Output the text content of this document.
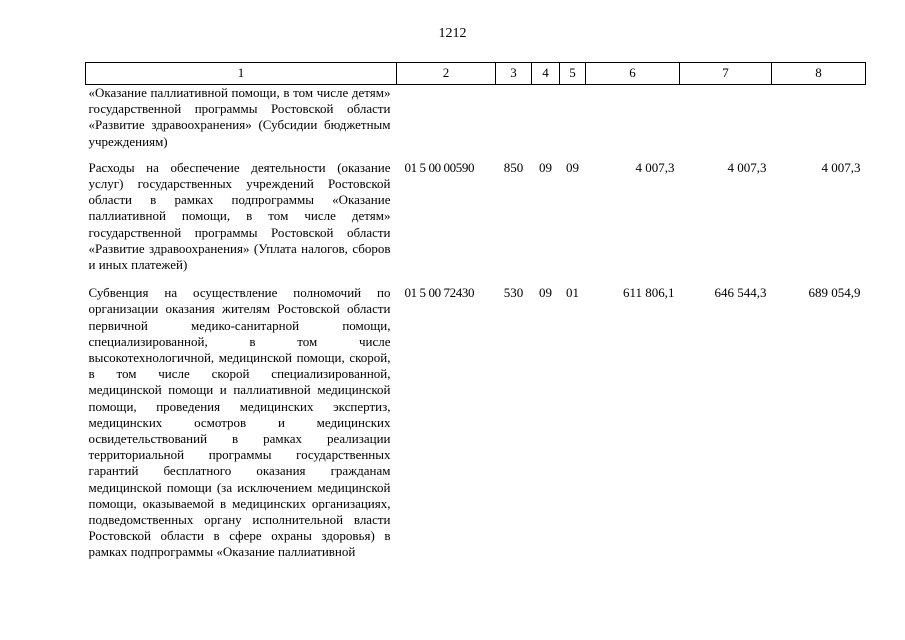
1212
1	2	3	4	5	6	7	8
«Оказание паллиативной помощи, в том числе детям» государственной программы Ростовской области «Развитие здравоохранения» (Субсидии бюджетным учреждениям)							
Расходы на обеспечение деятельности (оказание услуг) государственных учреждений Ростовской области в рамках подпрограммы «Оказание паллиативной помощи, в том числе детям» государственной программы Ростовской области «Развитие здравоохранения» (Уплата налогов, сборов и иных платежей)	01 5 00 00590	850	09	09	4 007,3	4 007,3	4 007,3
Субвенция на осуществление полномочий по организации оказания жителям Ростовской области первичной медико-санитарной помощи, специализированной, в том числе высокотехнологичной, медицинской помощи, скорой, в том числе скорой специализированной, медицинской помощи и паллиативной медицинской помощи, проведения медицинских экспертиз, медицинских осмотров и медицинских освидетельствований в рамках реализации территориальной программы государственных гарантий бесплатного оказания гражданам медицинской помощи (за исключением медицинской помощи, оказываемой в медицинских организациях, подведомственных органу исполнительной власти Ростовской области в сфере охраны здоровья) в рамках подпрограммы «Оказание паллиативной	01 5 00 72430	530	09	01	611 806,1	646 544,3	689 054,9
